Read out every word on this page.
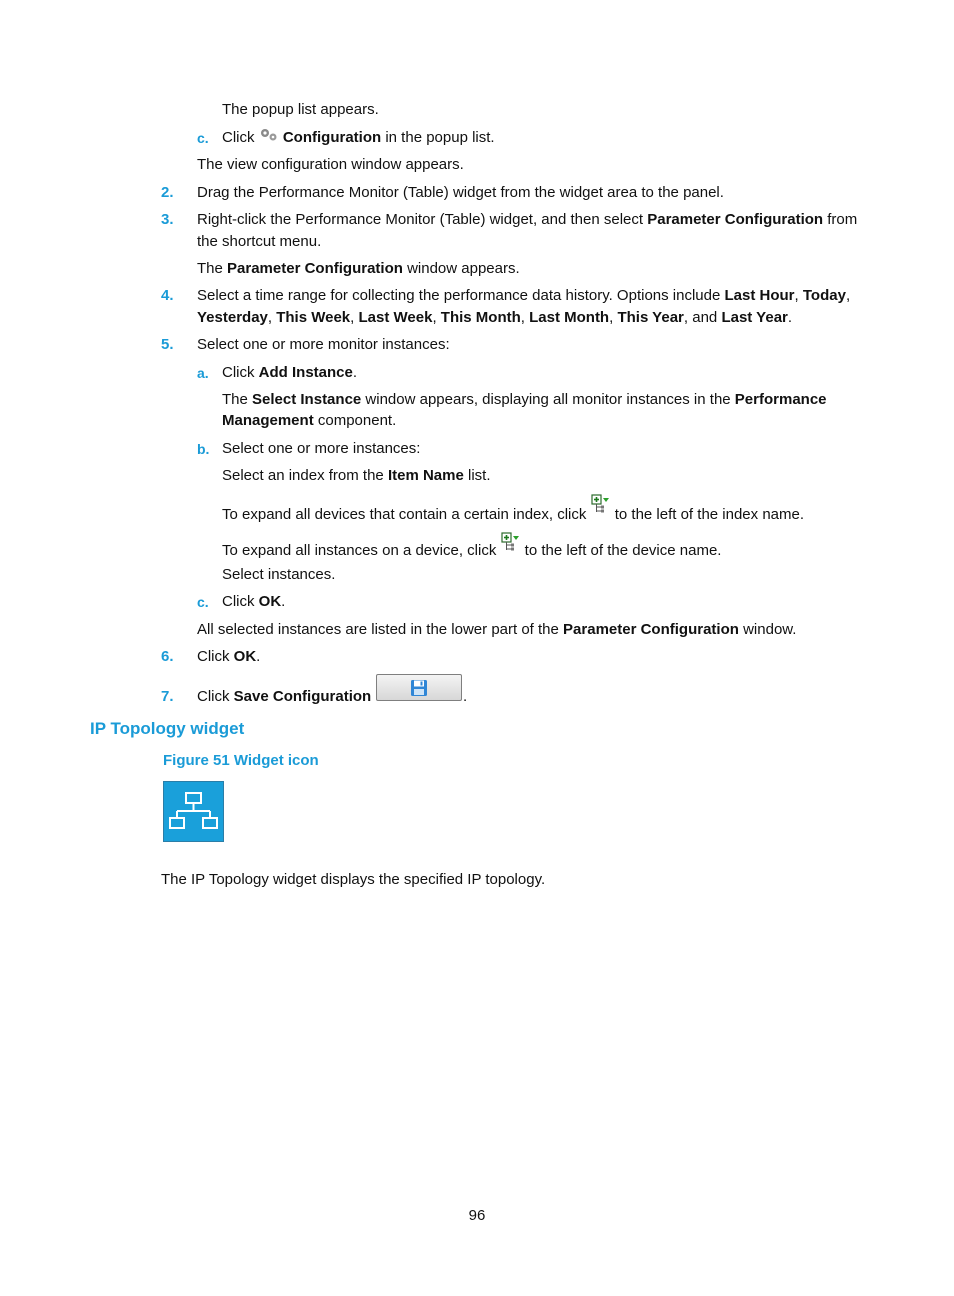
The popup list appears.
c. Click Configuration in the popup list.
The view configuration window appears.
2. Drag the Performance Monitor (Table) widget from the widget area to the panel.
3. Right-click the Performance Monitor (Table) widget, and then select Parameter Configuration from
the shortcut menu.
The Parameter Configuration window appears.
4. Select a time range for collecting the performance data history. Options include Last Hour, Today,
Yesterday, This Week, Last Week, This Month, Last Month, This Year, and Last Year.
5. Select one or more monitor instances:
a. Click Add Instance.
The Select Instance window appears, displaying all monitor instances in the Performance
Management component.
b. Select one or more instances:
Select an index from the Item Name list.
To expand all devices that contain a certain index, click to the left of the index name.
To expand all instances on a device, click to the left of the device name.
Select instances.
c. Click OK.
All selected instances are listed in the lower part of the Parameter Configuration window.
6. Click OK.
7. Click Save Configuration	.
IP Topology widget
Figure 51 Widget icon
The IP Topology widget displays the specified IP topology.
96
